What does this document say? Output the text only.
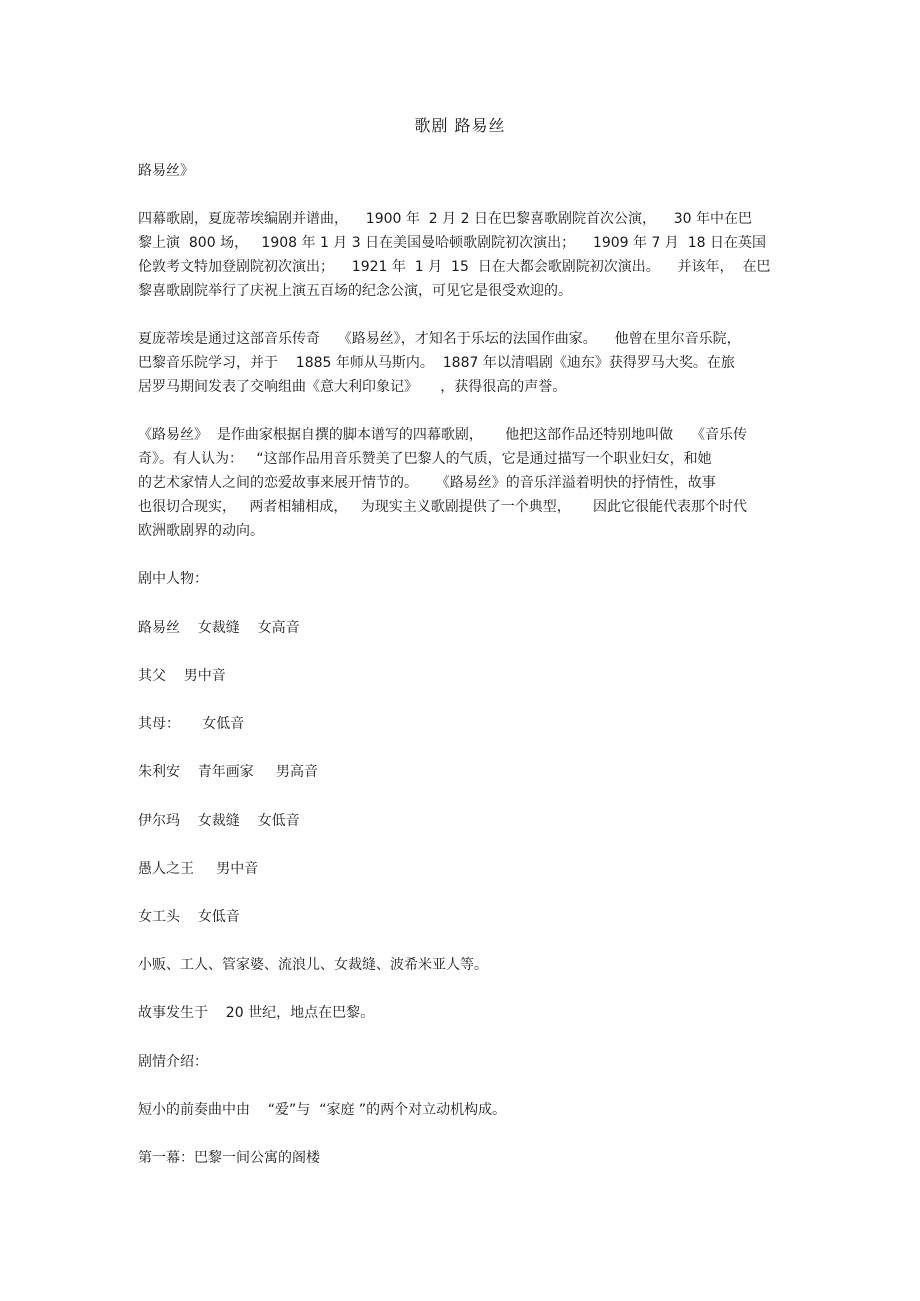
歌剧 路易丝
路易丝》
四幕歌剧，夏庞蒂埃编剧并谱曲，    1900 年  2 月 2 日在巴黎喜歌剧院首次公演，    30 年中在巴
黎上演  800 场，   1908 年 1 月 3 日在美国曼哈顿歌剧院初次演出；    1909 年 7 月  18 日在英国
伦敦考文特加登剧院初次演出；    1921 年  1 月  15  日在大都会歌剧院初次演出。    并该年，  在巴
黎喜歌剧院举行了庆祝上演五百场的纪念公演，可见它是很受欢迎的。
夏庞蒂埃是通过这部音乐传奇    《路易丝》，才知名于乐坛的法国作曲家。    他曾在里尔音乐院，
巴黎音乐院学习，并于    1885 年师从马斯内。  1887 年以清唱剧《迪东》获得罗马大奖。在旅
居罗马期间发表了交响组曲《意大利印象记》     ，获得很高的声誉。
《路易丝》  是作曲家根据自撰的脚本谱写的四幕歌剧，     他把这部作品还特别地叫做    《音乐传
奇》。有人认为：   “这部作品用音乐赞美了巴黎人的气质，它是通过描写一个职业妇女，和她
的艺术家情人之间的恋爱故事来展开情节的。    《路易丝》的音乐洋溢着明快的抒情性，故事
也很切合现实，   两者相辅相成，   为现实主义歌剧提供了一个典型，     因此它很能代表那个时代
欧洲歌剧界的动向。
剧中人物：
路易丝    女裁缝    女高音
其父    男中音
其母：     女低音
朱利安    青年画家     男高音
伊尔玛    女裁缝    女低音
愚人之王     男中音
女工头    女低音
小贩、工人、管家婆、流浪儿、女裁缝、波希米亚人等。
故事发生于    20 世纪，地点在巴黎。
剧情介绍：
短小的前奏曲中由    “爱”与  “家庭 ”的两个对立动机构成。
第一幕：巴黎一间公寓的阁楼
